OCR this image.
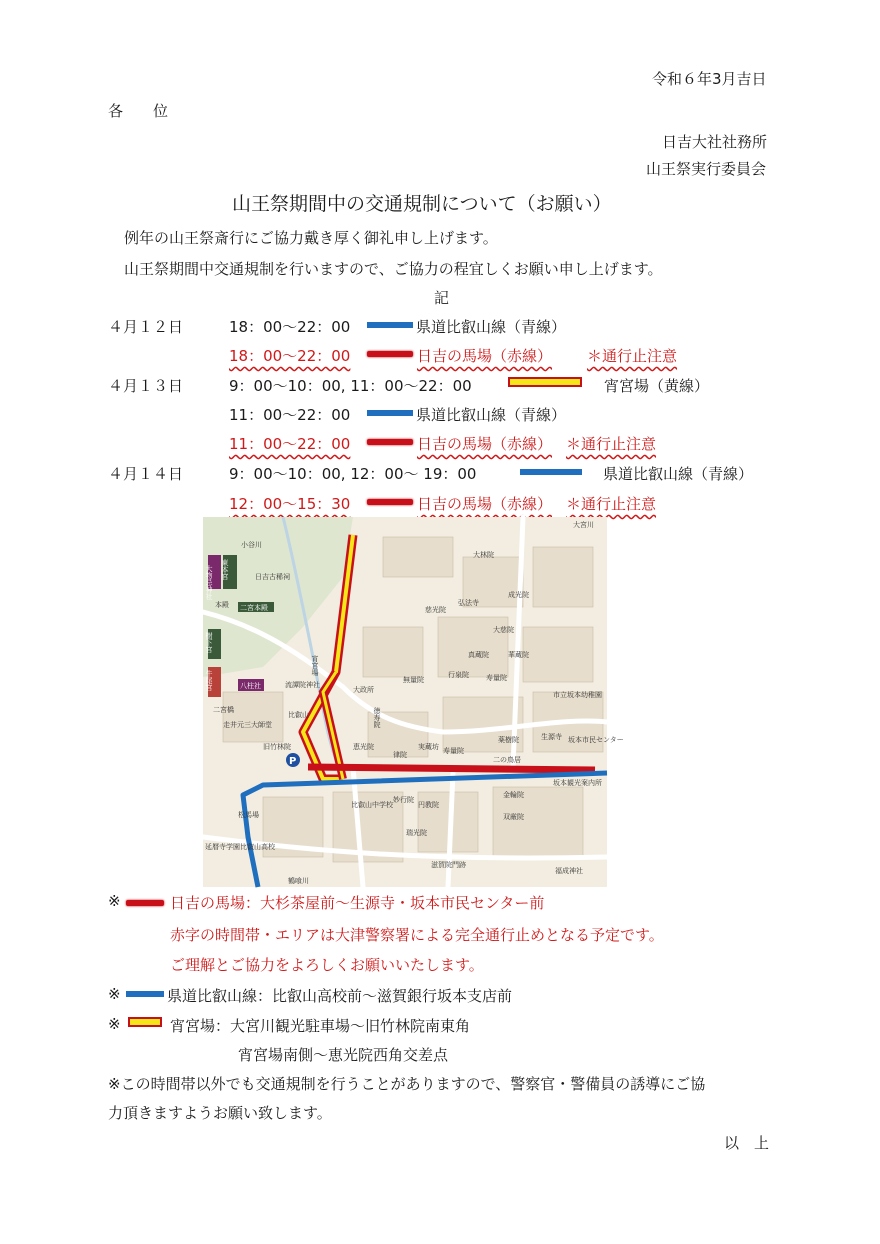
令和６年3月吉日
各　　位
日吉大社社務所
山王祭実行委員会
山王祭期間中の交通規制について（お願い）
例年の山王祭斎行にご協力戴き厚く御礼申し上げます。
山王祭期間中交通規制を行いますので、ご協力の程宜しくお願い申し上げます。
記
４月１２日	18：00～22：00	県道比叡山線（青線）
18：00～22：00	日吉の馬場（赤線） ＊通行止注意
４月１３日	9：00～10：00, 11：00～22：00	宵宮場（黄線）
11：00～22：00	県道比叡山線（青線）
11：00～22：00	日吉の馬場（赤線） ＊通行止注意
４月１４日	9：00～10：00, 12：00～ 19：00	県道比叡山線（青線）
12：00～15：30	日吉の馬場（赤線） ＊通行止注意
P
大宮川
小谷川
日吉古稀祠
本殿
二宮橋
走井元三大師堂
旧竹林院
比叡山
流譚院神社
大政所
大林院
弘法寺
成光院
慈光院
大慈院
真蔵院	華蔵院
行泉院 寿量院
無量院
律院
恵光院	実蔵坊 寿量院
薬樹院	生源寺 坂本市民センター
市立坂本幼稚園
二の鳥居
坂本観光案内所
妙行院
円教院
金輪院
双厳院
瑞光院
滋賀院門跡
福成神社
延暦寺学園比叡山高校
松馬場
鶴喰川
比叡山中学校
大物忌神社 東本宮
樹下宮
牛尾宮	八柱社
二宮本殿
宵宮場
徳寿院
※	日吉の馬場：大杉茶屋前～生源寺・坂本市民センター前
赤字の時間帯・エリアは大津警察署による完全通行止めとなる予定です。
ご理解とご協力をよろしくお願いいたします。
※	県道比叡山線：比叡山高校前～滋賀銀行坂本支店前
※	宵宮場：大宮川観光駐車場～旧竹林院南東角
宵宮場南側～恵光院西角交差点
※この時間帯以外でも交通規制を行うことがありますので、警察官・警備員の誘導にご協
力頂きますようお願い致します。
以　上
